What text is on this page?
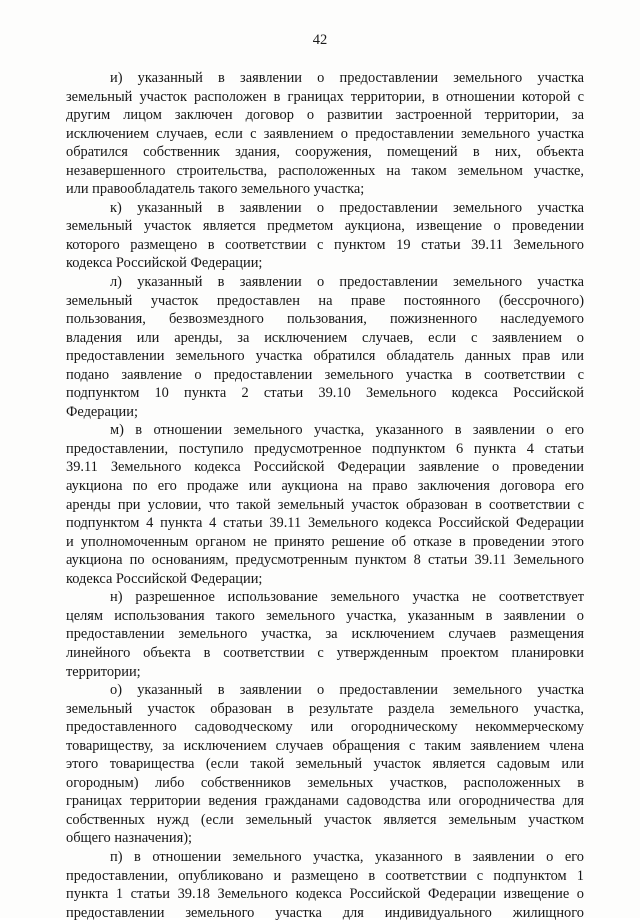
42
и) указанный в заявлении о предоставлении земельного участка
земельный участок расположен в границах территории, в отношении которой с
другим лицом заключен договор о развитии застроенной территории, за
исключением случаев, если с заявлением о предоставлении земельного участка
обратился собственник здания, сооружения, помещений в них, объекта
незавершенного строительства, расположенных на таком земельном участке,
или правообладатель такого земельного участка;
к) указанный в заявлении о предоставлении земельного участка
земельный участок является предметом аукциона, извещение о проведении
которого размещено в соответствии с пунктом 19 статьи 39.11 Земельного
кодекса Российской Федерации;
л) указанный в заявлении о предоставлении земельного участка
земельный участок предоставлен на праве постоянного (бессрочного)
пользования, безвозмездного пользования, пожизненного наследуемого
владения или аренды, за исключением случаев, если с заявлением о
предоставлении земельного участка обратился обладатель данных прав или
подано заявление о предоставлении земельного участка в соответствии с
подпунктом 10 пункта 2 статьи 39.10 Земельного кодекса Российской
Федерации;
м) в отношении земельного участка, указанного в заявлении о его
предоставлении, поступило предусмотренное подпунктом 6 пункта 4 статьи
39.11 Земельного кодекса Российской Федерации заявление о проведении
аукциона по его продаже или аукциона на право заключения договора его
аренды при условии, что такой земельный участок образован в соответствии с
подпунктом 4 пункта 4 статьи 39.11 Земельного кодекса Российской Федерации
и уполномоченным органом не принято решение об отказе в проведении этого
аукциона по основаниям, предусмотренным пунктом 8 статьи 39.11 Земельного
кодекса Российской Федерации;
н) разрешенное использование земельного участка не соответствует
целям использования такого земельного участка, указанным в заявлении о
предоставлении земельного участка, за исключением случаев размещения
линейного объекта в соответствии с утвержденным проектом планировки
территории;
о) указанный в заявлении о предоставлении земельного участка
земельный участок образован в результате раздела земельного участка,
предоставленного садоводческому или огородническому некоммерческому
товариществу, за исключением случаев обращения с таким заявлением члена
этого товарищества (если такой земельный участок является садовым или
огородным) либо собственников земельных участков, расположенных в
границах территории ведения гражданами садоводства или огородничества для
собственных нужд (если земельный участок является земельным участком
общего назначения);
п) в отношении земельного участка, указанного в заявлении о его
предоставлении, опубликовано и размещено в соответствии с подпунктом 1
пункта 1 статьи 39.18 Земельного кодекса Российской Федерации извещение о
предоставлении земельного участка для индивидуального жилищного
